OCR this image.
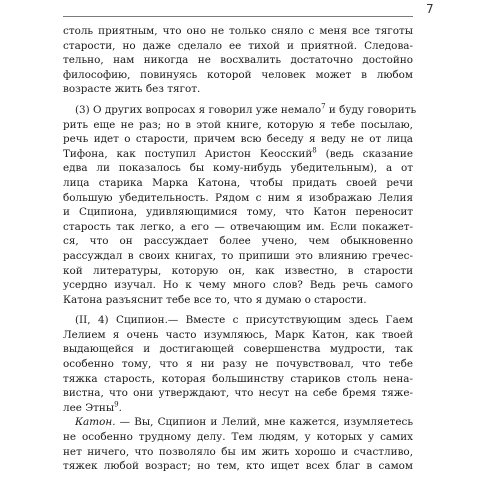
7
столь приятным, что оно не только сняло с меня все тяготы
старости, но даже сделало ее тихой и приятной. Следова-
тельно, нам никогда не восхвалить достаточно достойно
философию, повинуясь которой человек может в любом
возрасте жить без тягот.
(3) О других вопросах я говорил уже немало$^7$ и буду говорить
рить еще не раз; но в этой книге, которую я тебе посылаю,
речь идет о старости, причем всю беседу я веду не от лица
Тифона, как поступил Аристон Кеосский$^8$ (ведь сказание
едва ли показалось бы кому-нибудь убедительным), а от
лица старика Марка Катона, чтобы придать своей речи
большую убедительность. Рядом с ним я изображаю Лелия
и Сципиона, удивляющимися тому, что Катон переносит
старость так легко, а его — отвечающим им. Если покажет-
ся, что он рассуждает более учено, чем обыкновенно
рассуждал в своих книгах, то припиши это влиянию гречес-
кой литературы, которую он, как известно, в старости
усердно изучал. Но к чему много слов? Ведь речь самого
Катона разъяснит тебе все то, что я думаю о старости.
(II, 4) Сципион.— Вместе с присутствующим здесь Гаем
Лелием я очень часто изумляюсь, Марк Катон, как твоей
выдающейся и достигающей совершенства мудрости, так
особенно тому, что я ни разу не почувствовал, что тебе
тяжка старость, которая большинству стариков столь нена-
вистна, что они утверждают, что несут на себе бремя тяже-
лее Этны$^9$.
Катон. — Вы, Сципион и Лелий, мне кажется, изумляетесь
не особенно трудному делу. Тем людям, у которых у самих
нет ничего, что позволяло бы им жить хорошо и счастливо,
тяжек любой возраст; но тем, кто ищет всех благ в самом
